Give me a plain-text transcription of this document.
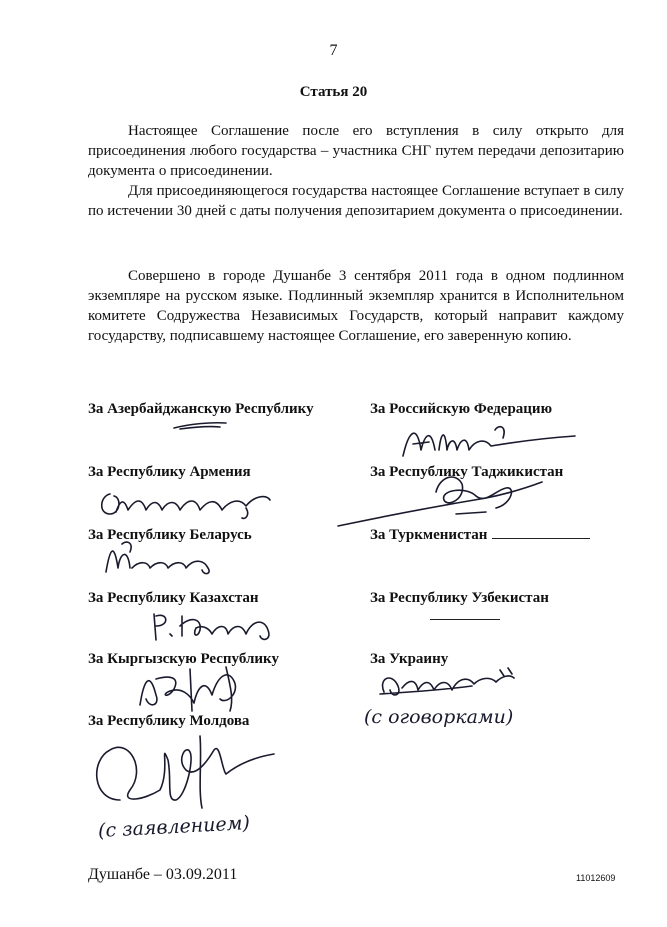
7
Статья 20
Настоящее Соглашение после его вступления в силу открыто для присоединения любого государства – участника СНГ путем передачи депозитарию документа о присоединении.
Для присоединяющегося государства настоящее Соглашение вступает в силу по истечении 30 дней с даты получения депозитарием документа о присоединении.
Совершено в городе Душанбе 3 сентября 2011 года в одном подлинном экземпляре на русском языке. Подлинный экземпляр хранится в Исполнительном комитете Содружества Независимых Государств, который направит каждому государству, подписавшему настоящее Соглашение, его заверенную копию.
За Азербайджанскую Республику
За Республику Армения
За Республику Беларусь
За Республику Казахстан
За Кыргызскую Республику
За Республику Молдова
За Российскую Федерацию
За Республику Таджикистан
За Туркменистан
За Республику Узбекистан
За Украину
(с оговорками)
(с заявлением)
Душанбе – 03.09.2011	11012609
